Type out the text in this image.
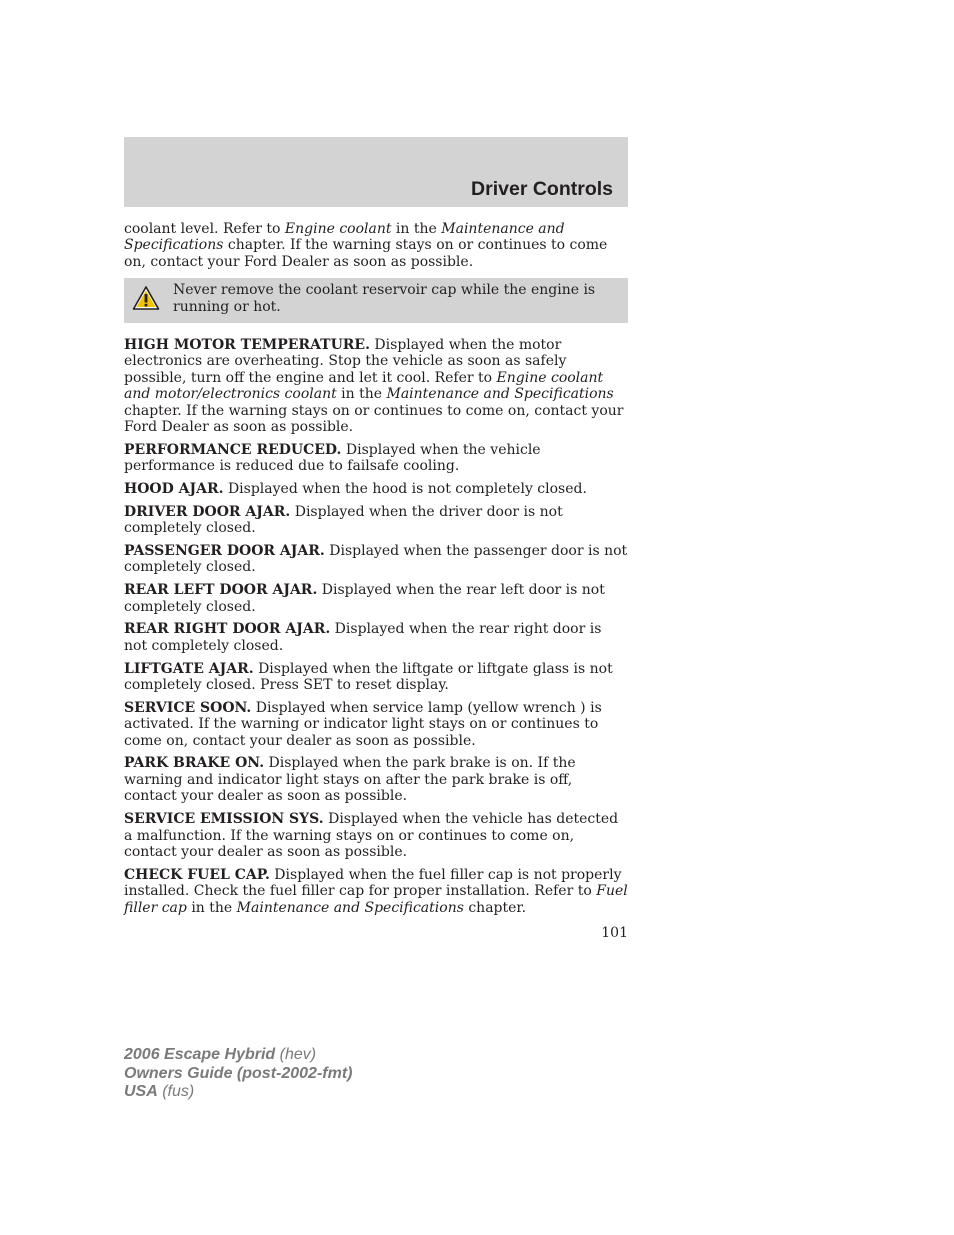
Driver Controls

coolant level. Refer to Engine coolant in the Maintenance and Specifications chapter. If the warning stays on or continues to come on, contact your Ford Dealer as soon as possible.

Never remove the coolant reservoir cap while the engine is running or hot.

HIGH MOTOR TEMPERATURE. Displayed when the motor electronics are overheating. Stop the vehicle as soon as safely possible, turn off the engine and let it cool. Refer to Engine coolant and motor/electronics coolant in the Maintenance and Specifications chapter. If the warning stays on or continues to come on, contact your Ford Dealer as soon as possible.

PERFORMANCE REDUCED. Displayed when the vehicle performance is reduced due to failsafe cooling.

HOOD AJAR. Displayed when the hood is not completely closed.

DRIVER DOOR AJAR. Displayed when the driver door is not completely closed.

PASSENGER DOOR AJAR. Displayed when the passenger door is not completely closed.

REAR LEFT DOOR AJAR. Displayed when the rear left door is not completely closed.

REAR RIGHT DOOR AJAR. Displayed when the rear right door is not completely closed.

LIFTGATE AJAR. Displayed when the liftgate or liftgate glass is not completely closed. Press SET to reset display.

SERVICE SOON. Displayed when service lamp (yellow wrench ) is activated. If the warning or indicator light stays on or continues to come on, contact your dealer as soon as possible.

PARK BRAKE ON. Displayed when the park brake is on. If the warning and indicator light stays on after the park brake is off, contact your dealer as soon as possible.

SERVICE EMISSION SYS. Displayed when the vehicle has detected a malfunction. If the warning stays on or continues to come on, contact your dealer as soon as possible.

CHECK FUEL CAP. Displayed when the fuel filler cap is not properly installed. Check the fuel filler cap for proper installation. Refer to Fuel filler cap in the Maintenance and Specifications chapter.

101
2006 Escape Hybrid (hev)
Owners Guide (post-2002-fmt)
USA (fus)
